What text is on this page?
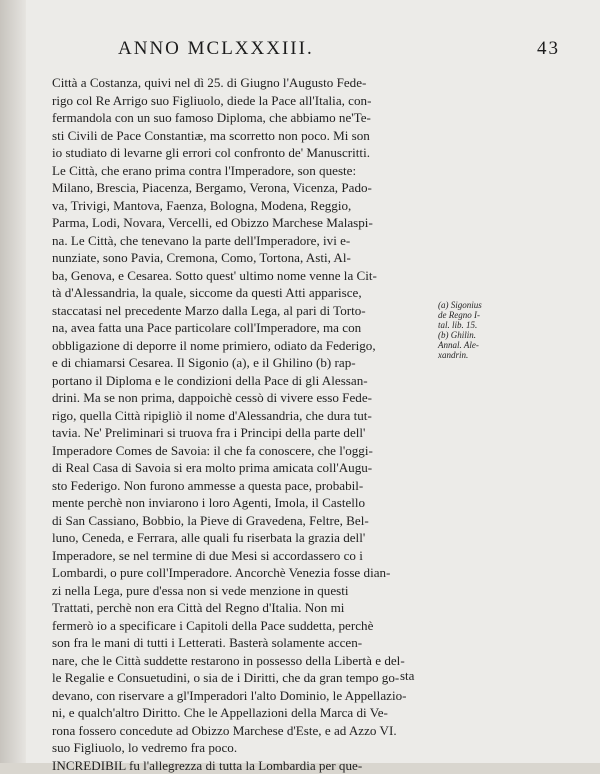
ANNO MCLXXXIII.	43
Città a Costanza, quivi nel dì 25. di Giugno l'Augusto Fede-
rigo col Re Arrigo suo Figliuolo, diede la Pace all'Italia, con-
fermandola con un suo famoso Diploma, che abbiamo ne'Te-
sti Civili de Pace Constantiæ, ma scorretto non poco. Mi son
io studiato di levarne gli errori col confronto de' Manuscritti.
Le Città, che erano prima contra l'Imperadore, son queste:
Milano, Brescia, Piacenza, Bergamo, Verona, Vicenza, Pado-
va, Trivigi, Mantova, Faenza, Bologna, Modena, Reggio,
Parma, Lodi, Novara, Vercelli, ed Obizzo Marchese Malaspi-
na. Le Città, che tenevano la parte dell'Imperadore, ivi e-
nunziate, sono Pavia, Cremona, Como, Tortona, Asti, Al-
ba, Genova, e Cesarea. Sotto quest' ultimo nome venne la Cit-
tà d'Alessandria, la quale, siccome da questi Atti apparisce,
staccatasi nel precedente Marzo dalla Lega, al pari di Torto-
na, avea fatta una Pace particolare coll'Imperadore, ma con
obbligazione di deporre il nome primiero, odiato da Federigo,
e di chiamarsi Cesarea. Il Sigonio (a), e il Ghilino (b) rap-
portano il Diploma e le condizioni della Pace di gli Alessan-
drini. Ma se non prima, dappoichè cessò di vivere esso Fede-
rigo, quella Città ripigliò il nome d'Alessandria, che dura tut-
tavia. Ne' Preliminari si truova fra i Principi della parte dell'
Imperadore Comes de Savoia: il che fa conoscere, che l'oggi-
di Real Casa di Savoia si era molto prima amicata coll'Augu-
sto Federigo. Non furono ammesse a questa pace, probabil-
mente perchè non inviarono i loro Agenti, Imola, il Castello
di San Cassiano, Bobbio, la Pieve di Gravedena, Feltre, Bel-
luno, Ceneda, e Ferrara, alle quali fu riserbata la grazia dell'
Imperadore, se nel termine di due Mesi si accordassero co i
Lombardi, o pure coll'Imperadore. Ancorchè Venezia fosse dian-
zi nella Lega, pure d'essa non si vede menzione in questi
Trattati, perchè non era Città del Regno d'Italia. Non mi
fermerò io a specificare i Capitoli della Pace suddetta, perchè
son fra le mani di tutti i Letterati. Basterà solamente accen-
nare, che le Città suddette restarono in possesso della Libertà e del-
le Regalie e Consuetudini, o sia de i Diritti, che da gran tempo go-
devano, con riservare a gl'Imperadori l'alto Dominio, le Appellazio-
ni, e qualch'altro Diritto. Che le Appellazioni della Marca di Ve-
rona fossero concedute ad Obizzo Marchese d'Este, e ad Azzo VI.
suo Figliuolo, lo vedremo fra poco.
INCREDIBIL fu l'allegrezza di tutta la Lombardia per que-
(a) Sigonius
de Regno I-
tal. lib. 15.
(b) Ghilin.
Annal. Ale-
xandrin.
sta
